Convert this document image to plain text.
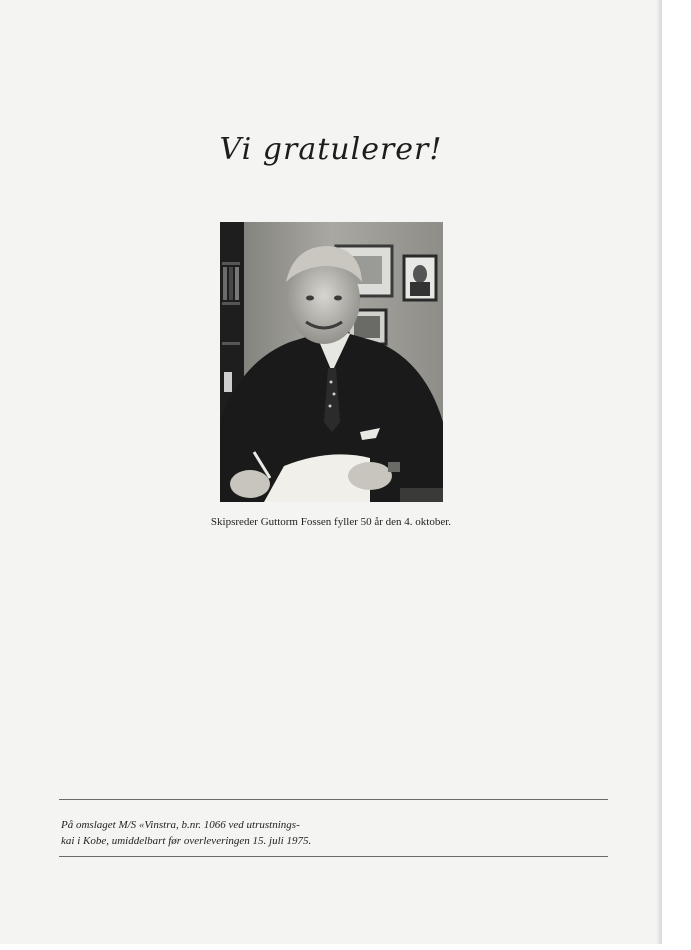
Vi gratulerer!

Skipsreder Guttorm Fossen fyller 50 år den 4. oktober.

På omslaget M/S «Vinstra, b.nr. 1066 ved utrustnings-
kai i Kobe, umiddelbart før overleveringen 15. juli 1975.
